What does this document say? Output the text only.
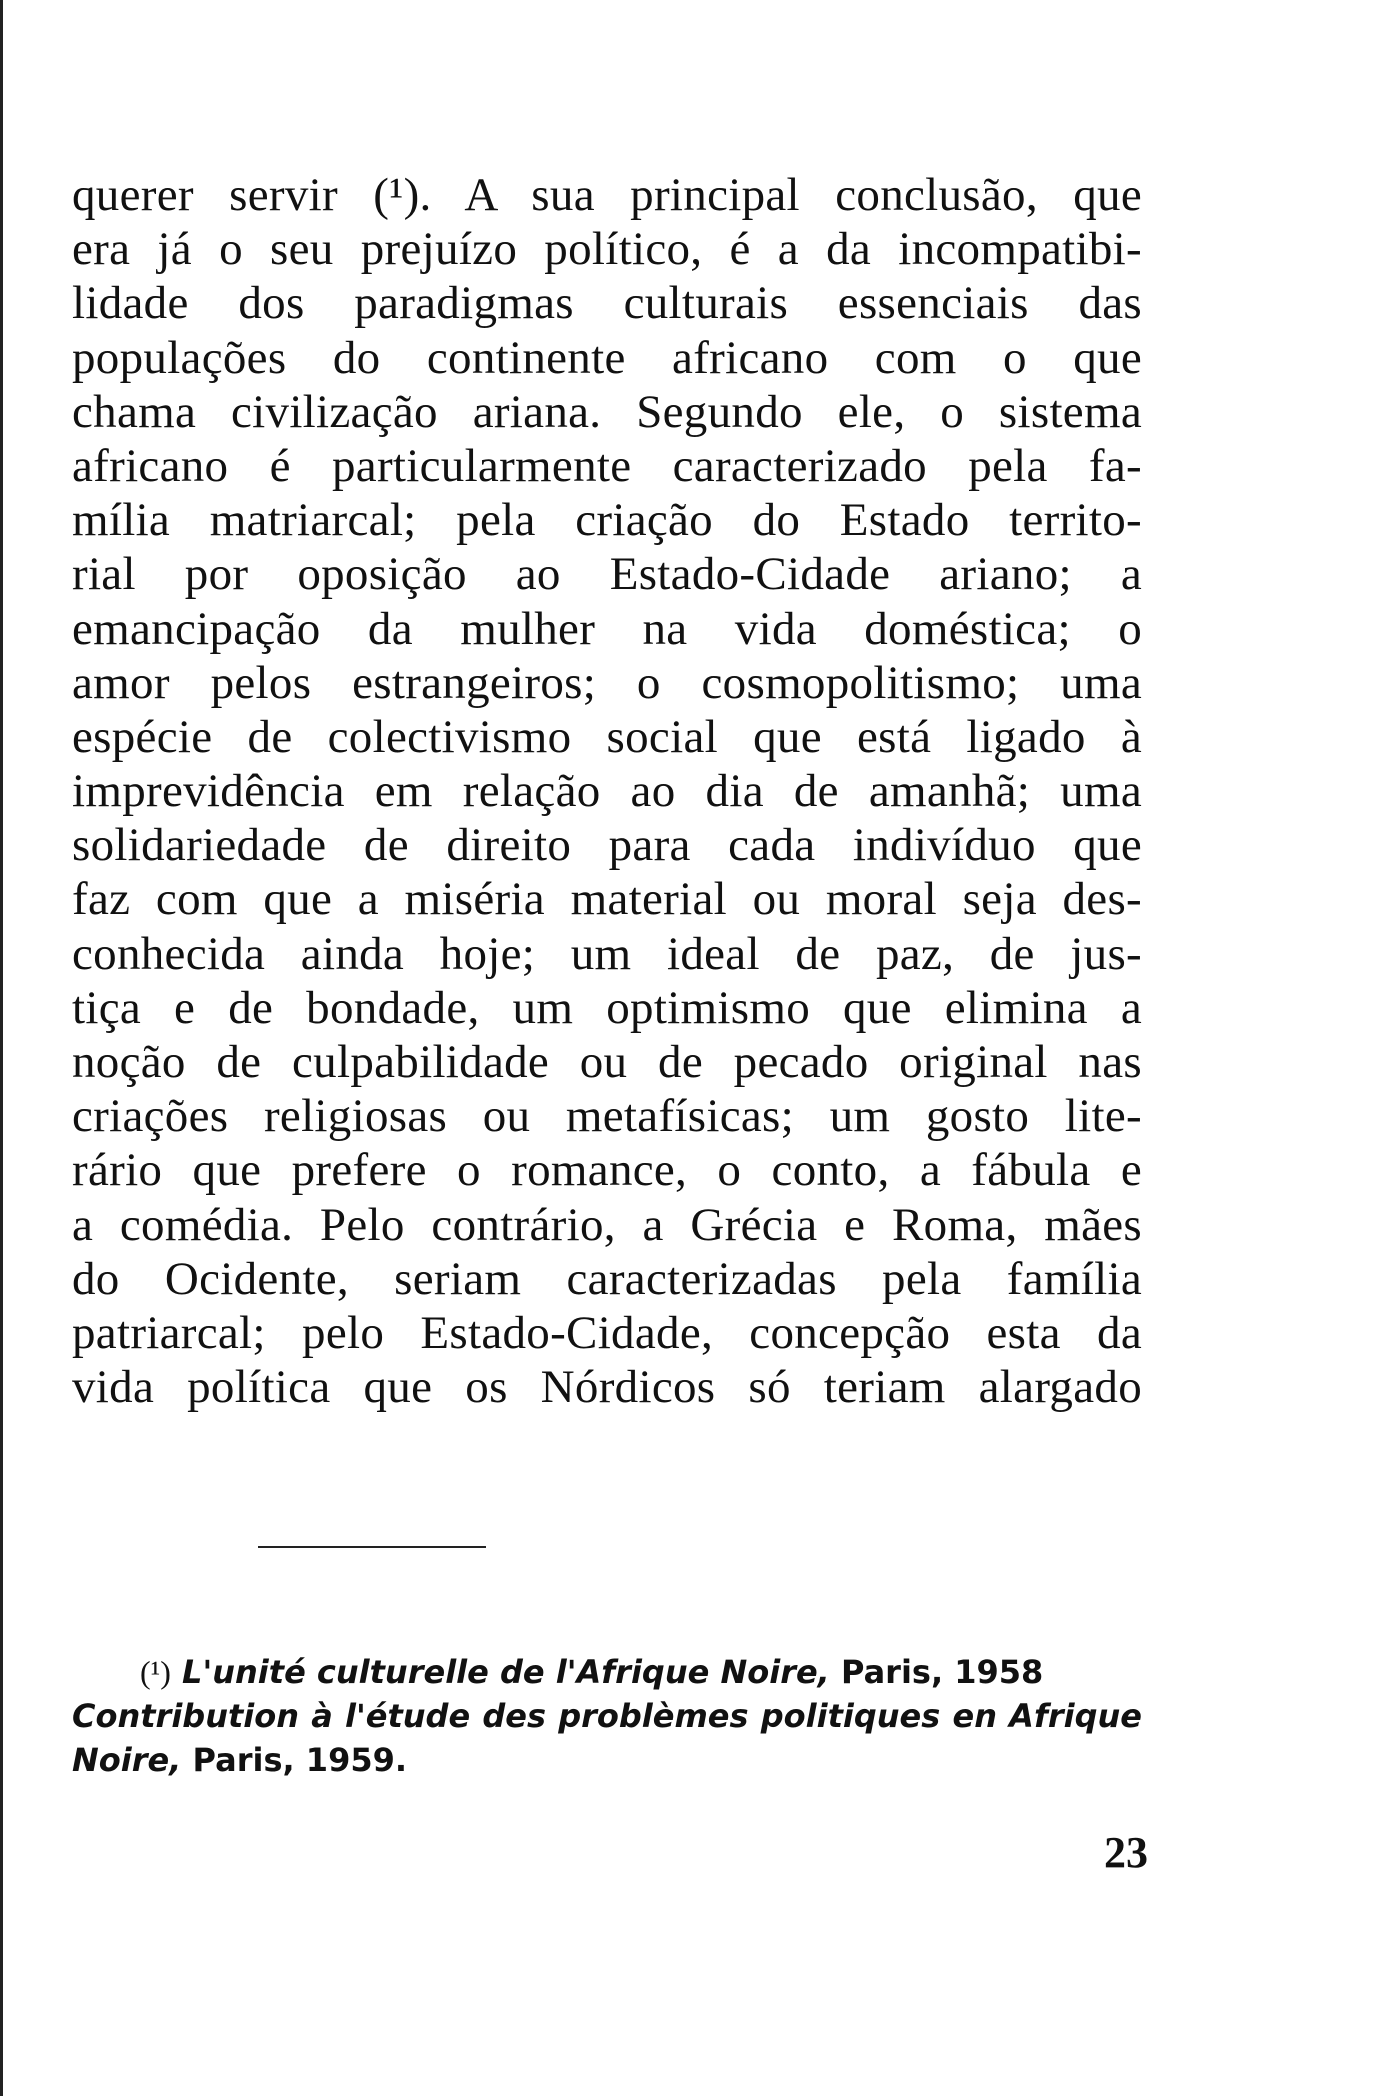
querer servir (¹). A sua principal conclusão, que
era já o seu prejuízo político, é a da incompatibi-
lidade dos paradigmas culturais essenciais das
populações do continente africano com o que
chama civilização ariana. Segundo ele, o sistema
africano é particularmente caracterizado pela fa-
mília matriarcal; pela criação do Estado territo-
rial por oposição ao Estado-Cidade ariano; a
emancipação da mulher na vida doméstica; o
amor pelos estrangeiros; o cosmopolitismo; uma
espécie de colectivismo social que está ligado à
imprevidência em relação ao dia de amanhã; uma
solidariedade de direito para cada indivíduo que
faz com que a miséria material ou moral seja des-
conhecida ainda hoje; um ideal de paz, de jus-
tiça e de bondade, um optimismo que elimina a
noção de culpabilidade ou de pecado original nas
criações religiosas ou metafísicas; um gosto lite-
rário que prefere o romance, o conto, a fábula e
a comédia. Pelo contrário, a Grécia e Roma, mães
do Ocidente, seriam caracterizadas pela família
patriarcal; pelo Estado-Cidade, concepção esta da
vida política que os Nórdicos só teriam alargado
(¹) L'unité culturelle de l'Afrique Noire, Paris, 1958
Contribution à l'étude des problèmes politiques en Afrique
Noire, Paris, 1959.
23
